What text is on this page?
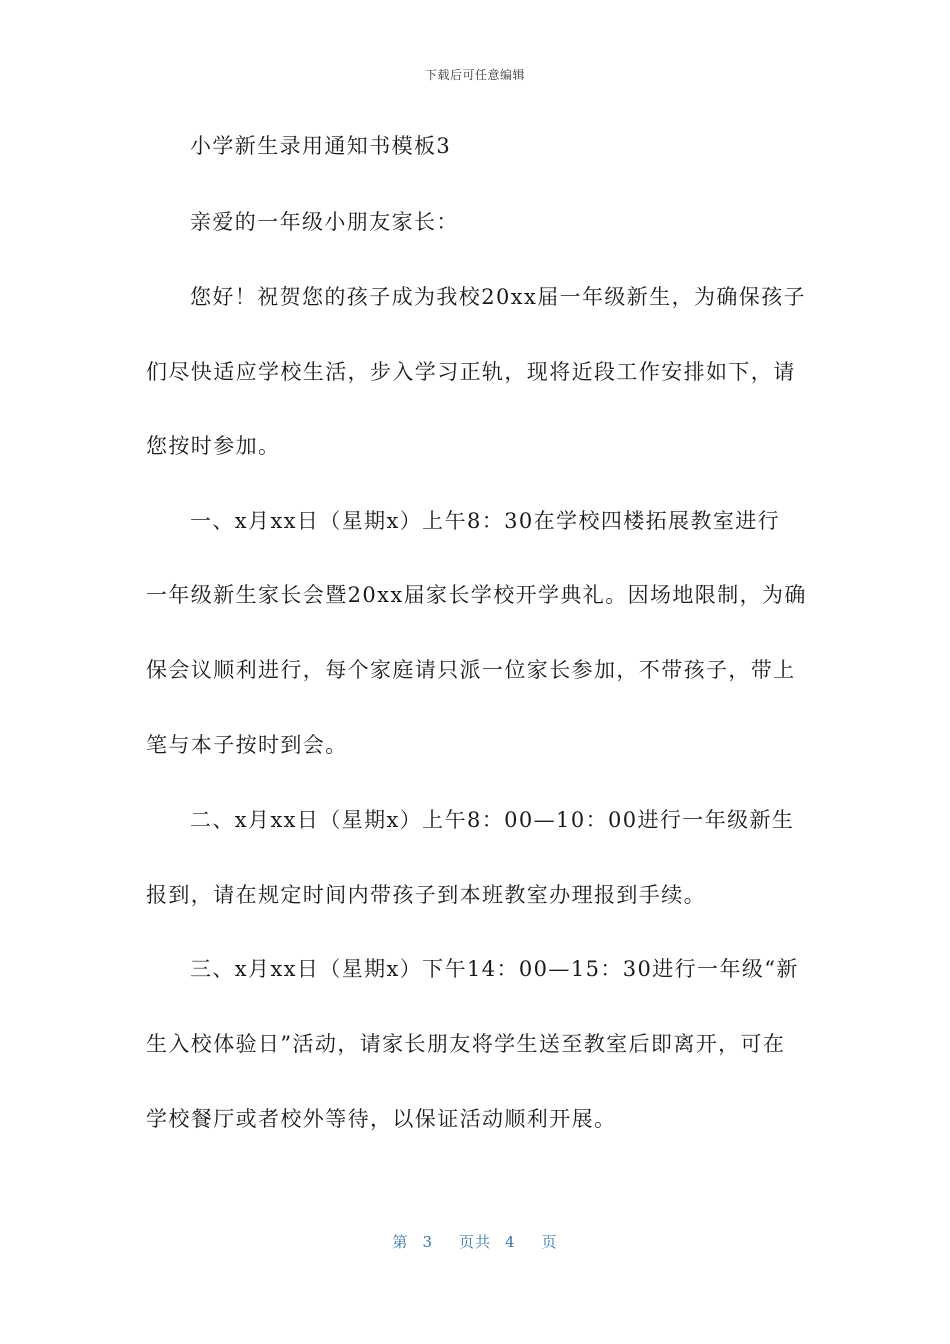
下载后可任意编辑
小学新生录用通知书模板3
亲爱的一年级小朋友家长：
您好！祝贺您的孩子成为我校20xx届一年级新生，为确保孩子
们尽快适应学校生活，步入学习正轨，现将近段工作安排如下，请
您按时参加。
一、x月xx日（星期x）上午8：30在学校四楼拓展教室进行
一年级新生家长会暨20xx届家长学校开学典礼。因场地限制，为确
保会议顺利进行，每个家庭请只派一位家长参加，不带孩子，带上
笔与本子按时到会。
二、x月xx日（星期x）上午8：00—10：00进行一年级新生
报到，请在规定时间内带孩子到本班教室办理报到手续。
三、x月xx日（星期x）下午14：00—15：30进行一年级“新
生入校体验日”活动，请家长朋友将学生送至教室后即离开，可在
学校餐厅或者校外等待，以保证活动顺利开展。
第 3 页共 4 页
